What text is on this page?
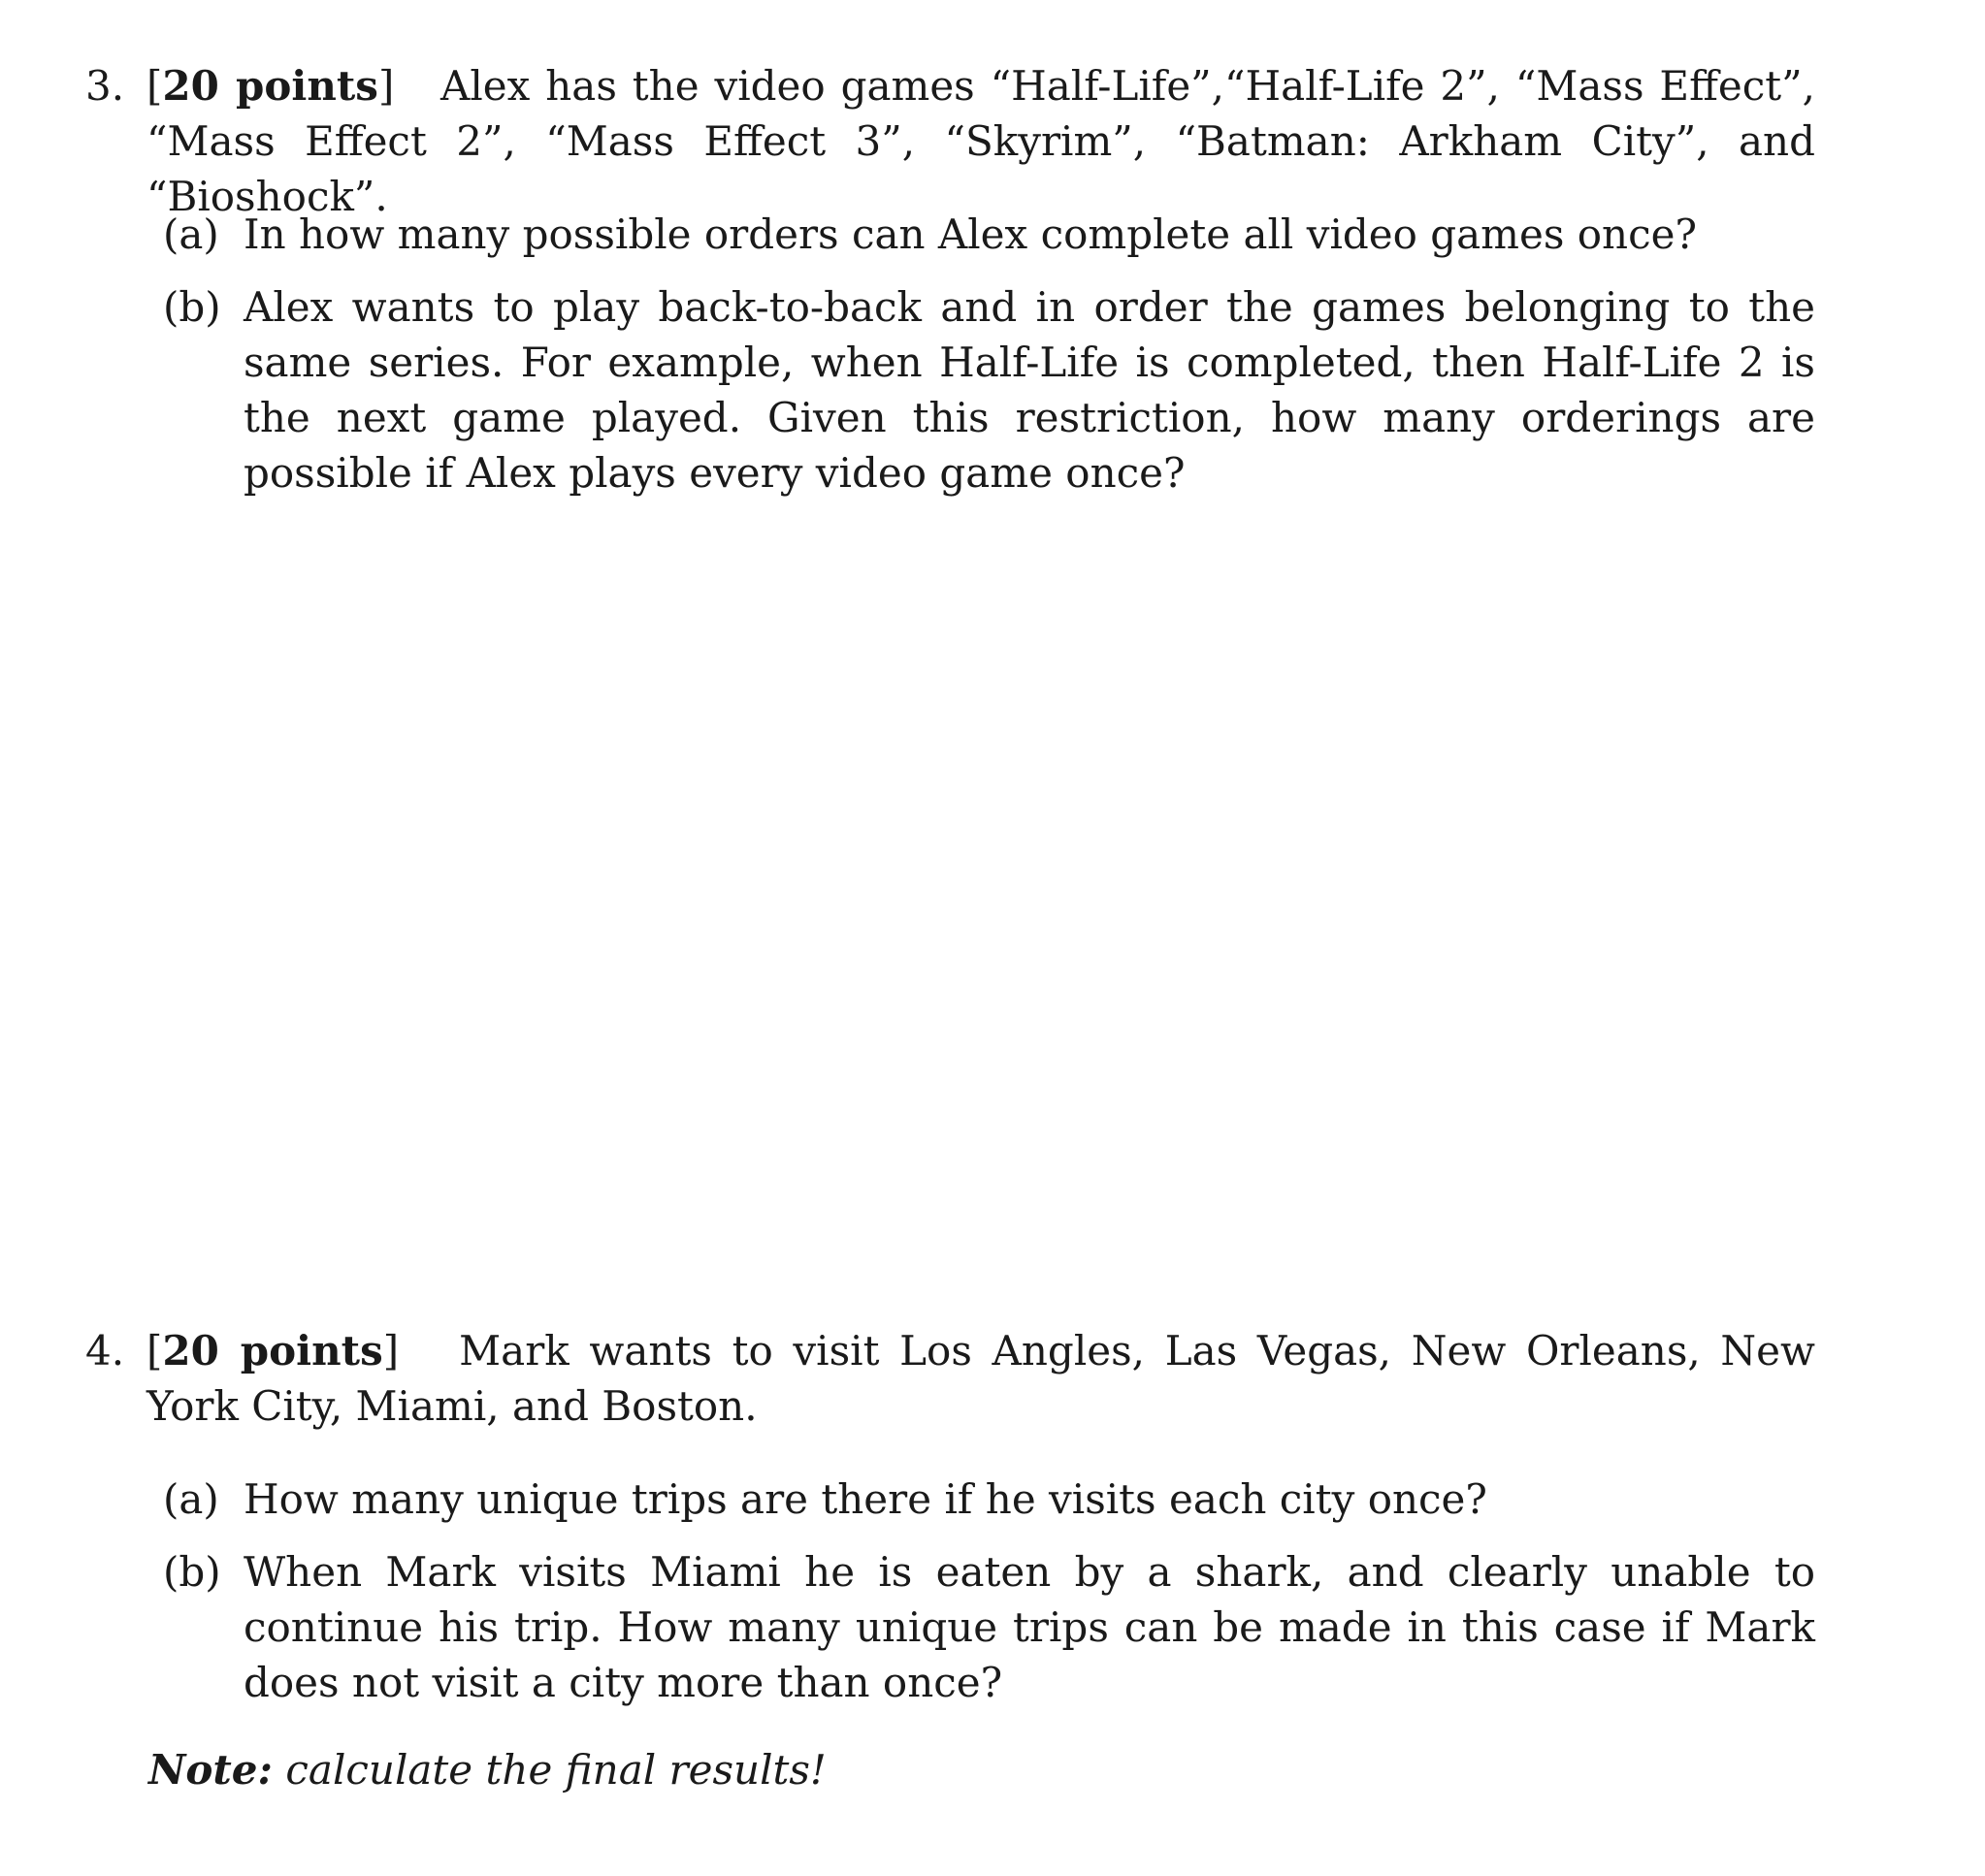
3. [20 points] Alex has the video games “Half-Life”,“Half-Life 2”, “Mass Effect”, “Mass Effect 2”, “Mass Effect 3”, “Skyrim”, “Batman: Arkham City”, and “Bioshock”.
(a) In how many possible orders can Alex complete all video games once?
(b) Alex wants to play back-to-back and in order the games belonging to the same series. For example, when Half-Life is completed, then Half-Life 2 is the next game played. Given this restriction, how many orderings are possible if Alex plays every video game once?
4. [20 points] Mark wants to visit Los Angles, Las Vegas, New Orleans, New York City, Miami, and Boston.
(a) How many unique trips are there if he visits each city once?
(b) When Mark visits Miami he is eaten by a shark, and clearly unable to continue his trip. How many unique trips can be made in this case if Mark does not visit a city more than once?
Note: calculate the final results!
